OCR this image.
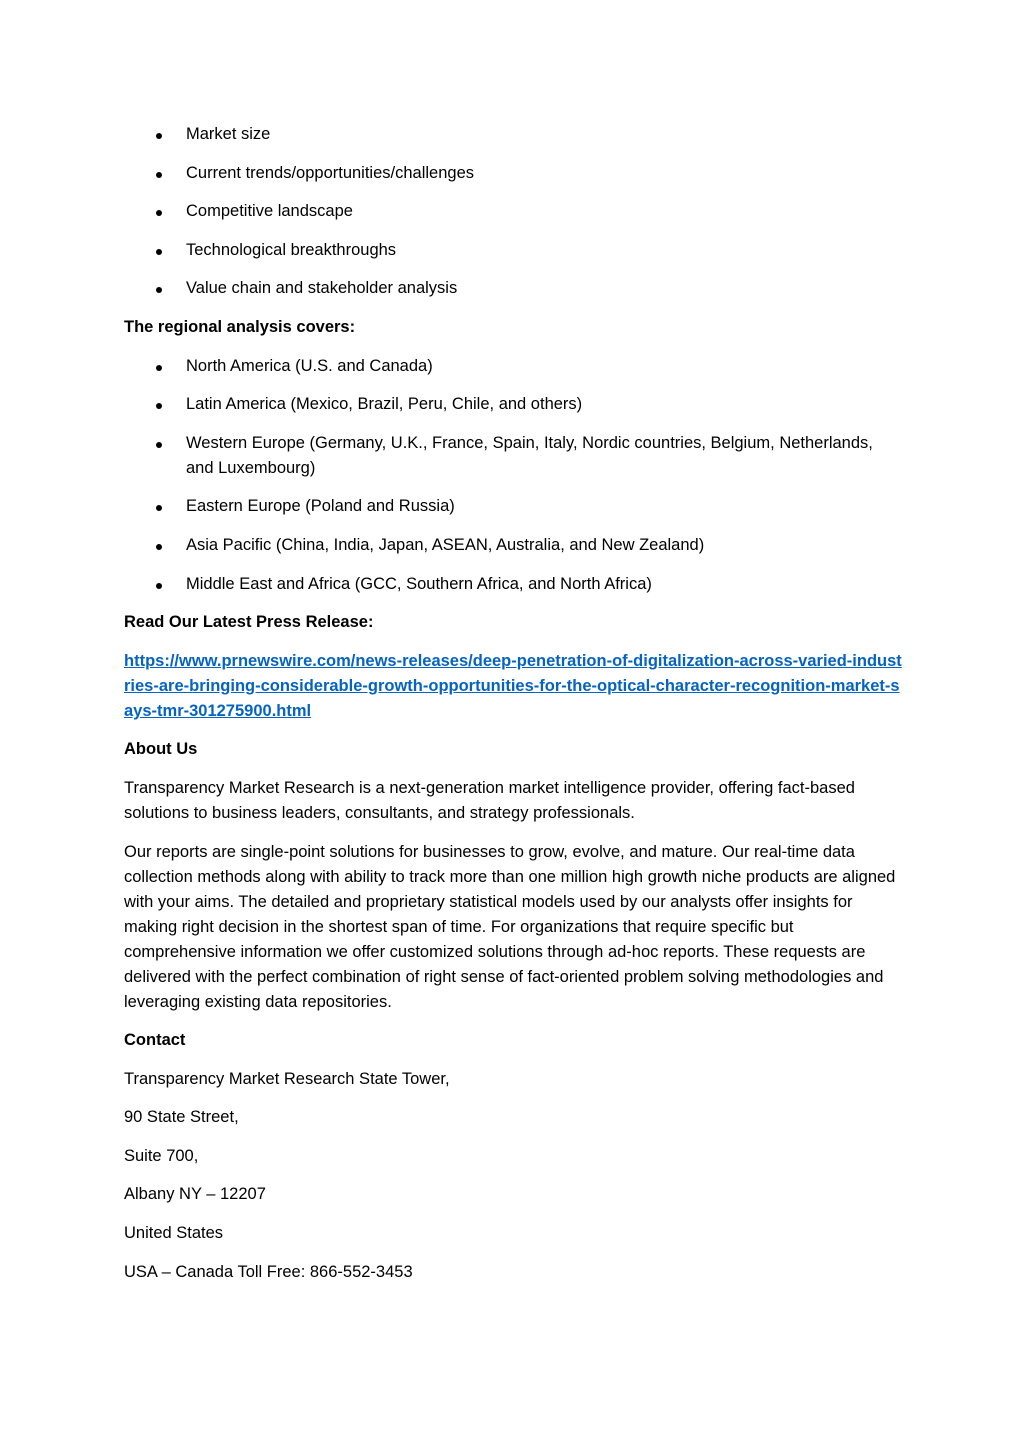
Market size
Current trends/opportunities/challenges
Competitive landscape
Technological breakthroughs
Value chain and stakeholder analysis

The regional analysis covers:

North America (U.S. and Canada)
Latin America (Mexico, Brazil, Peru, Chile, and others)
Western Europe (Germany, U.K., France, Spain, Italy, Nordic countries, Belgium, Netherlands, and Luxembourg)
Eastern Europe (Poland and Russia)
Asia Pacific (China, India, Japan, ASEAN, Australia, and New Zealand)
Middle East and Africa (GCC, Southern Africa, and North Africa)

Read Our Latest Press Release:

https://www.prnewswire.com/news-releases/deep-penetration-of-digitalization-across-varied-industries-are-bringing-considerable-growth-opportunities-for-the-optical-character-recognition-market-says-tmr-301275900.html

About Us

Transparency Market Research is a next-generation market intelligence provider, offering fact-based solutions to business leaders, consultants, and strategy professionals.

Our reports are single-point solutions for businesses to grow, evolve, and mature. Our real-time data collection methods along with ability to track more than one million high growth niche products are aligned with your aims. The detailed and proprietary statistical models used by our analysts offer insights for making right decision in the shortest span of time. For organizations that require specific but comprehensive information we offer customized solutions through ad-hoc reports. These requests are delivered with the perfect combination of right sense of fact-oriented problem solving methodologies and leveraging existing data repositories.

Contact

Transparency Market Research State Tower,

90 State Street,

Suite 700,

Albany NY – 12207

United States

USA – Canada Toll Free: 866-552-3453
